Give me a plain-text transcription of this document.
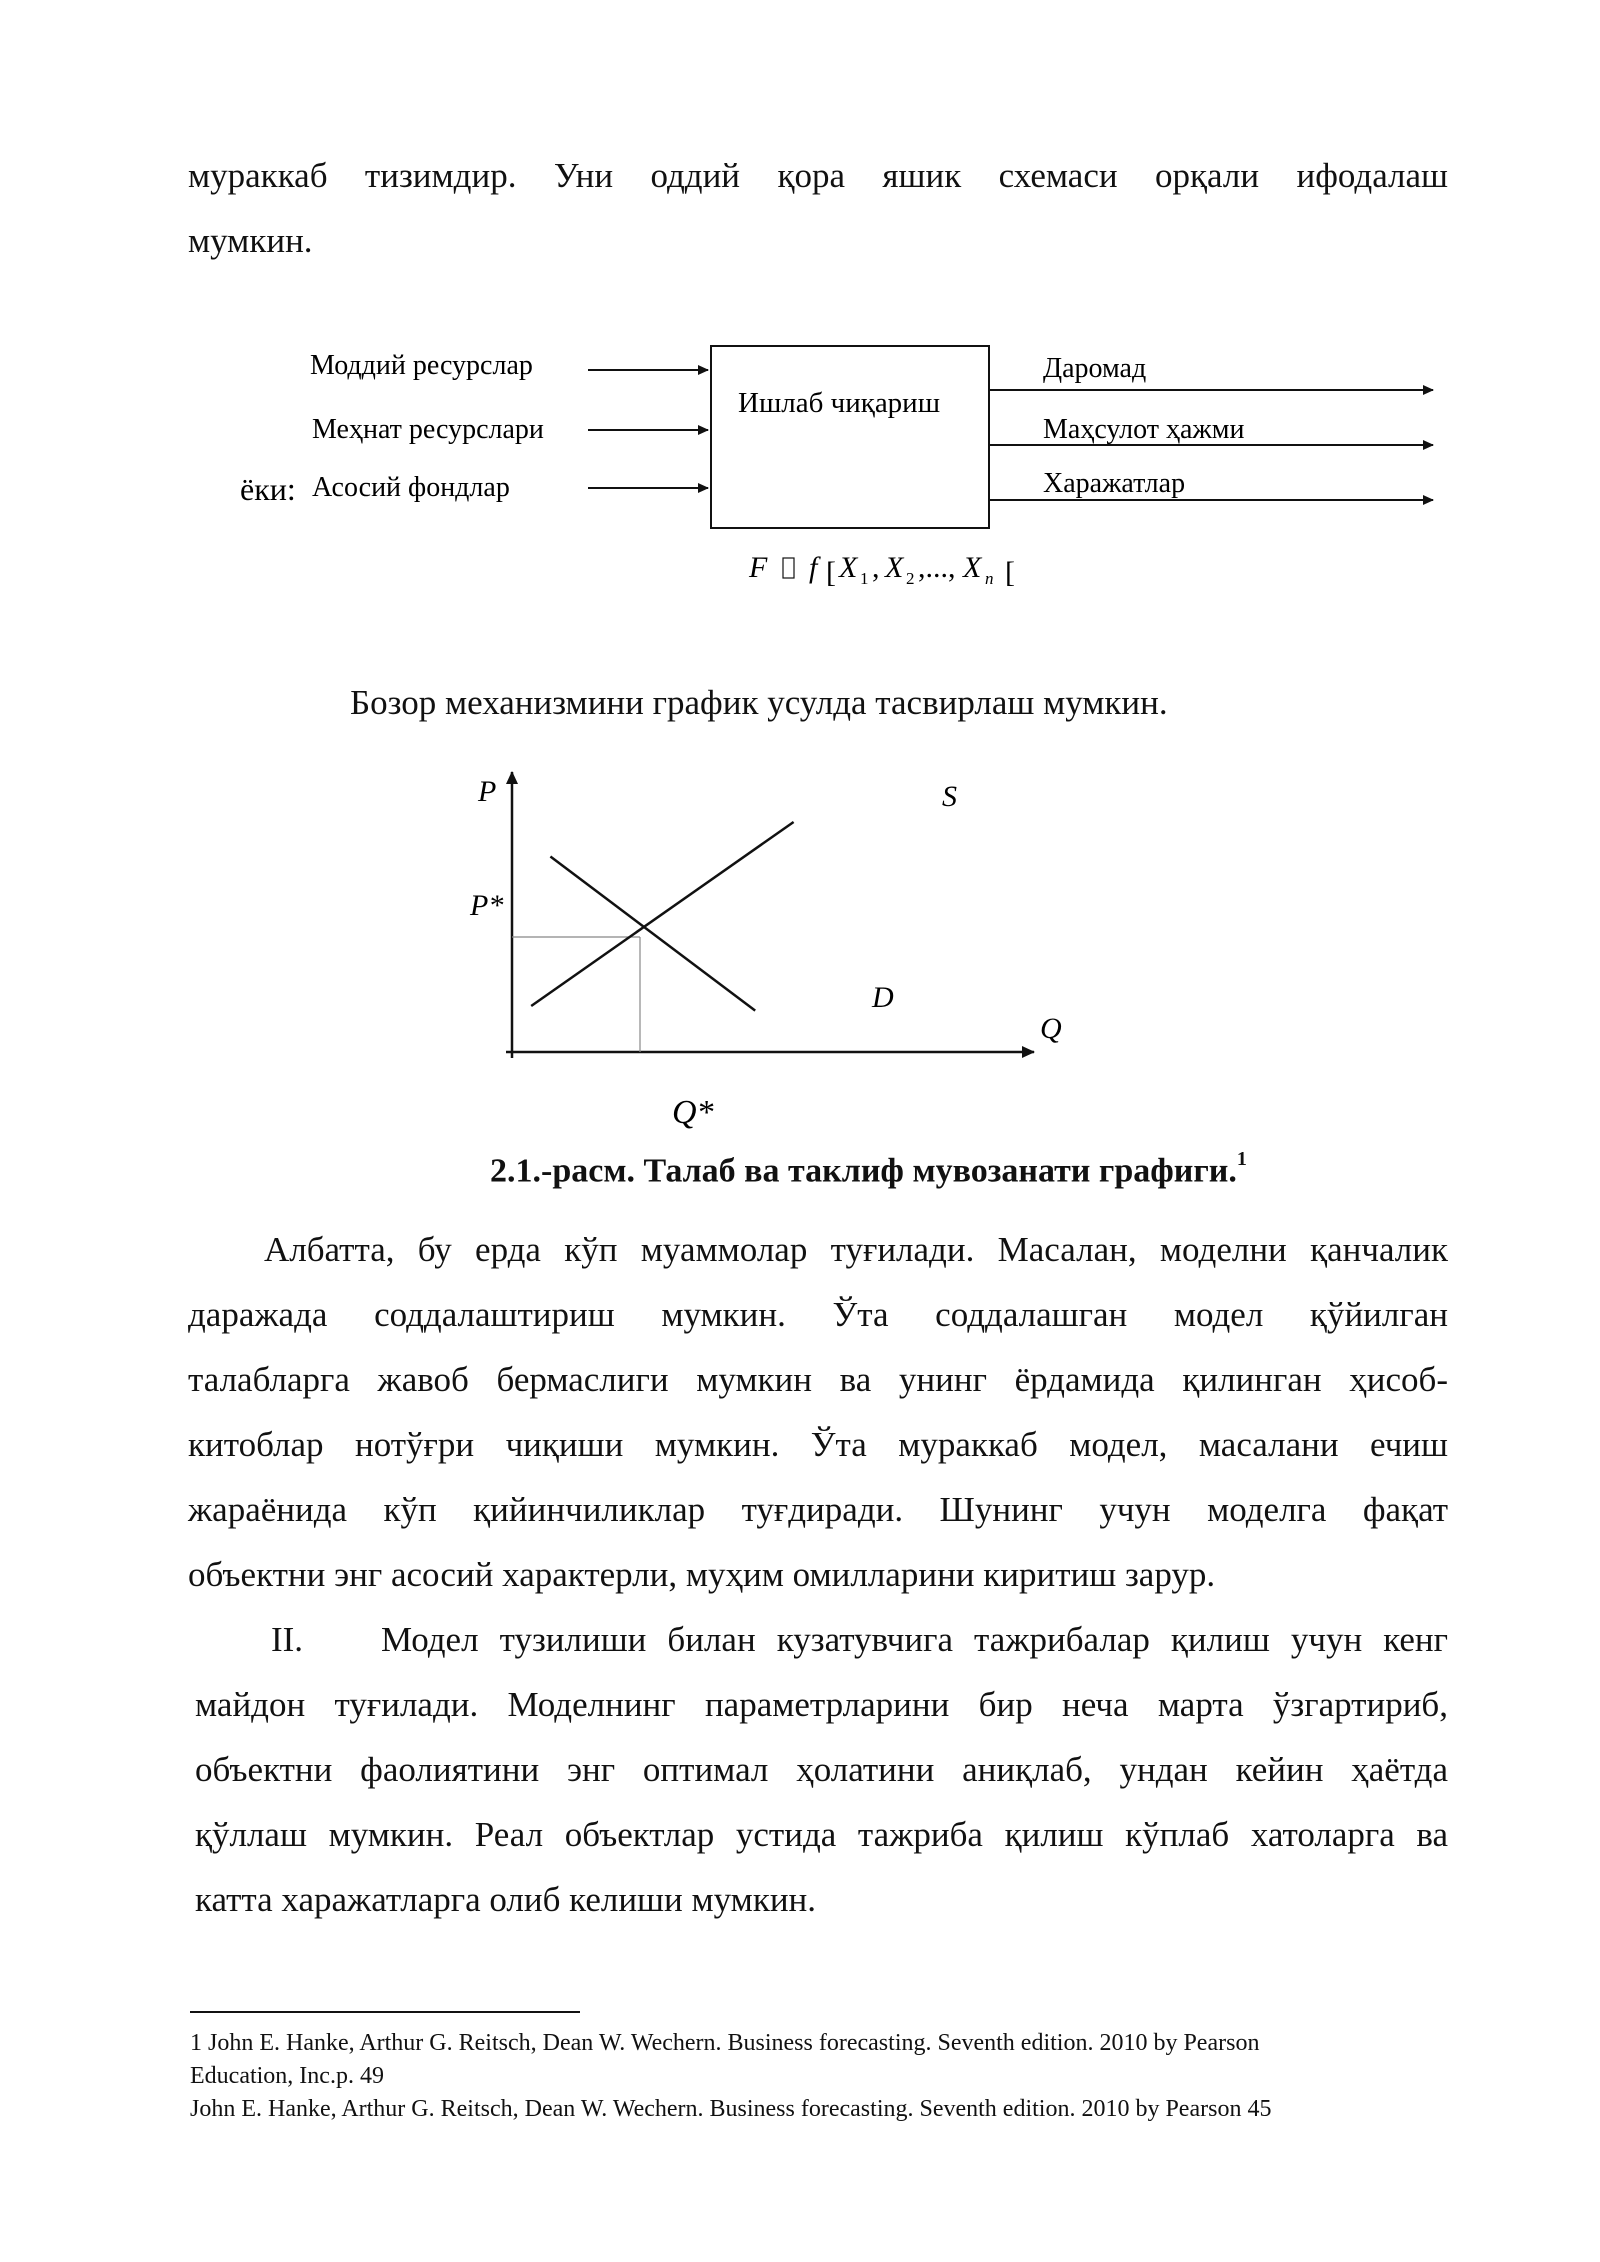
мураккаб тизимдир. Уни оддий қора яшик схемаси орқали ифодалаш
мумкин.
Моддий ресурслар
Меҳнат ресурслари
ёки: Асосий фондлар
Ишлаб чиқариш
Даромад
Маҳсулот ҳажми
Харажатлар
F f [ X 1 , X 2 ,..., X n [
Бозор механизмини график усулда тасвирлаш мумкин.
P
Q
P*
S
D
Q*
2.1.-расм. Талаб ва таклиф мувозанати графиги.$^1$
Албатта, бу ерда кўп муаммолар туғилади. Масалан, моделни қанчалик
даражада соддалаштириш мумкин. Ўта соддалашган модел қўйилган
талабларга жавоб бермаслиги мумкин ва унинг ёрдамида қилинган ҳисоб-
китоблар нотўғри чиқиши мумкин. Ўта мураккаб модел, масалани ечиш
жараёнида кўп қийинчиликлар туғдиради. Шунинг учун моделга фақат
объектни энг асосий характерли, муҳим омилларини киритиш зарур.
II. Модел тузилиши билан кузатувчига тажрибалар қилиш учун кенг
майдон туғилади. Моделнинг параметрларини бир неча марта ўзгартириб,
объектни фаолиятини энг оптимал ҳолатини аниқлаб, ундан кейин ҳаётда
қўллаш мумкин. Реал объектлар устида тажриба қилиш кўплаб хатоларга ва
катта харажатларга олиб келиши мумкин.
1 John E. Hanke, Arthur G. Reitsch, Dean W. Wechern. Business forecasting. Seventh edition. 2010 by Pearson
Education, Inc.p. 49
John E. Hanke, Arthur G. Reitsch, Dean W. Wechern. Business forecasting. Seventh edition. 2010 by Pearson 45
